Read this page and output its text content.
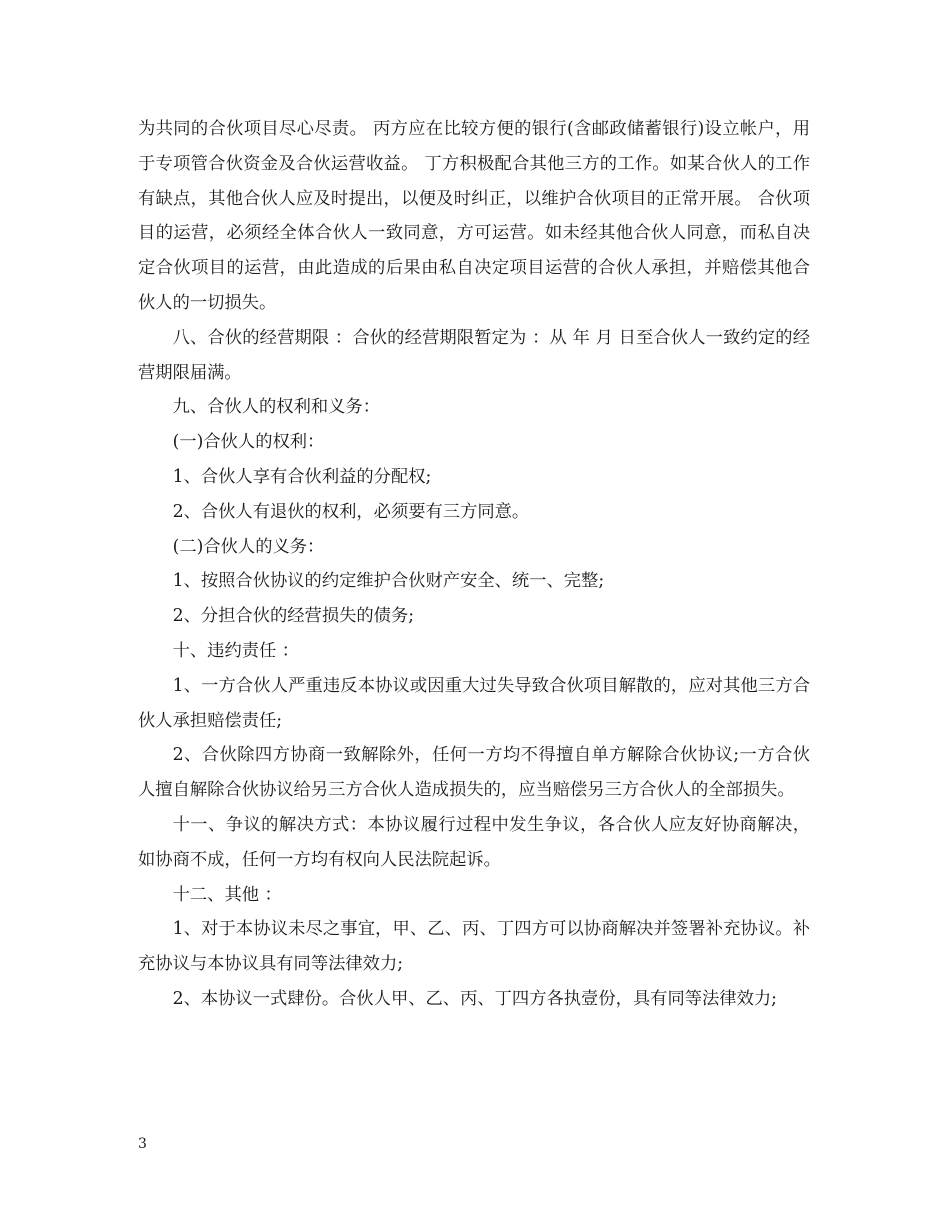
为共同的合伙项目尽心尽责。 丙方应在比较方便的银行(含邮政储蓄银行)设立帐户，用于专项管合伙资金及合伙运营收益。 丁方积极配合其他三方的工作。如某合伙人的工作有缺点，其他合伙人应及时提出，以便及时纠正，以维护合伙项目的正常开展。 合伙项目的运营，必须经全体合伙人一致同意，方可运营。如未经其他合伙人同意，而私自决定合伙项目的运营，由此造成的后果由私自决定项目运营的合伙人承担，并赔偿其他合伙人的一切损失。

八、合伙的经营期限 ：合伙的经营期限暂定为 ：从 年 月 日至合伙人一致约定的经营期限届满。

九、合伙人的权利和义务：

(一)合伙人的权利：

1、合伙人享有合伙利益的分配权;

2、合伙人有退伙的权利，必须要有三方同意。

(二)合伙人的义务：

1、按照合伙协议的约定维护合伙财产安全、统一、完整;

2、分担合伙的经营损失的债务;

十、违约责任 ：

1、一方合伙人严重违反本协议或因重大过失导致合伙项目解散的，应对其他三方合伙人承担赔偿责任;

2、合伙除四方协商一致解除外，任何一方均不得擅自单方解除合伙协议;一方合伙人擅自解除合伙协议给另三方合伙人造成损失的，应当赔偿另三方合伙人的全部损失。

十一、争议的解决方式：本协议履行过程中发生争议，各合伙人应友好协商解决，如协商不成，任何一方均有权向人民法院起诉。

十二、其他 ：

1、对于本协议未尽之事宜，甲、乙、丙、丁四方可以协商解决并签署补充协议。补充协议与本协议具有同等法律效力;

2、本协议一式肆份。合伙人甲、乙、丙、丁四方各执壹份，具有同等法律效力;

3
